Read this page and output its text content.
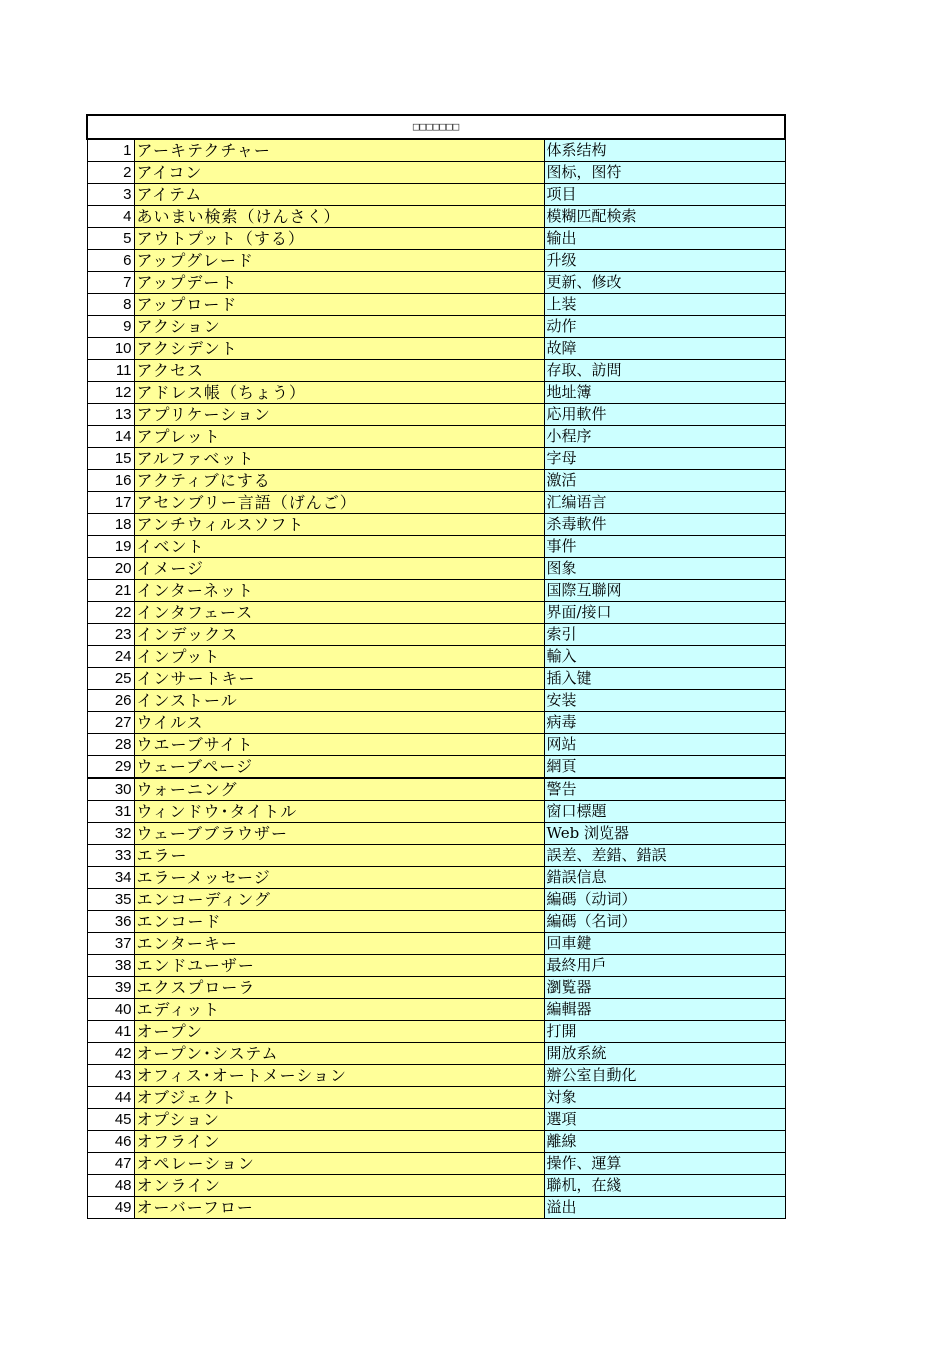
□□□□□□□		
1	アーキテクチャー	体系结构
2	アイコン	图标，图符
3	アイテム	项目
4	あいまい検索（けんさく）	模糊匹配検索
5	アウトプット（する）	输出
6	アップグレード	升级
7	アップデート	更新、修改
8	アップロード	上装
9	アクション	动作
10	アクシデント	故障
11	アクセス	存取、訪問
12	アドレス帳（ちょう）	地址簿
13	アプリケーション	応用軟件
14	アプレット	小程序
15	アルファベット	字母
16	アクティブにする	激活
17	アセンブリー言語（げんご）	汇编语言
18	アンチウィルスソフト	杀毒軟件
19	イベント	事件
20	イメージ	图象
21	インターネット	国際互聯网
22	インタフェース	界面/接口
23	インデックス	索引
24	インプット	輸入
25	インサートキー	插入键
26	インストール	安装
27	ウイルス	病毒
28	ウエーブサイト	网站
29	ウェーブページ	網頁
30	ウォーニング	警告
31	ウィンドウ･タイトル	窗口標題
32	ウェーブブラウザー	Web 浏览器
33	エラー	誤差、差錯、錯誤
34	エラーメッセージ	錯誤信息
35	エンコーディング	編碼（动词）
36	エンコード	編碼（名词）
37	エンターキー	回車鍵
38	エンドユーザー	最終用戶
39	エクスプローラ	瀏覧器
40	エディット	編輯器
41	オープン	打開
42	オープン･システム	開放系統
43	オフィス･オートメーション	辦公室自動化
44	オブジェクト	対象
45	オプション	選項
46	オフライン	離線
47	オペレーション	操作、運算
48	オンライン	聯机，在綫
49	オーバーフロー	溢出
